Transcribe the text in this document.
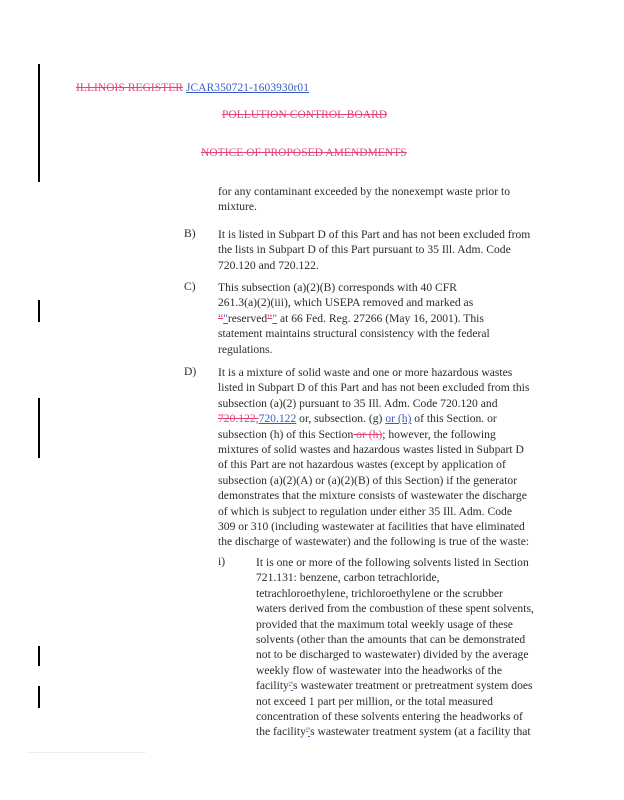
ILLINOIS REGISTER JCAR350721-1603930r01
POLLUTION CONTROL BOARD
NOTICE OF PROPOSED AMENDMENTS
for any contaminant exceeded by the nonexempt waste prior to
mixture.
B) It is listed in Subpart D of this Part and has not been excluded from
the lists in Subpart D of this Part pursuant to 35 Ill. Adm. Code
720.120 and 720.122.
C) This subsection (a)(2)(B) corresponds with 40 CFR
261.3(a)(2)(iii), which USEPA removed and marked as
“"reserved”" at 66 Fed. Reg. 27266 (May 16, 2001). This
statement maintains structural consistency with the federal
regulations.
D) It is a mixture of solid waste and one or more hazardous wastes
listed in Subpart D of this Part and has not been excluded from this
subsection (a)(2) pursuant to 35 Ill. Adm. Code 720.120 and
720.122,720.122 or, subsection. (g) or (h) of this Section. or
subsection (h) of this Section or (h); however, the following
mixtures of solid wastes and hazardous wastes listed in Subpart D
of this Part are not hazardous wastes (except by application of
subsection (a)(2)(A) or (a)(2)(B) of this Section) if the generator
demonstrates that the mixture consists of wastewater the discharge
of which is subject to regulation under either 35 Ill. Adm. Code
309 or 310 (including wastewater at facilities that have eliminated
the discharge of wastewater) and the following is true of the waste:
i)	It is one or more of the following solvents listed in Section
721.131: benzene, carbon tetrachloride,
tetrachloroethylene, trichloroethylene or the scrubber
waters derived from the combustion of these spent solvents,
provided that the maximum total weekly usage of these
solvents (other than the amounts that can be demonstrated
not to be discharged to wastewater) divided by the average
weekly flow of wastewater into the headworks of the
facility''s wastewater treatment or pretreatment system does
not exceed 1 part per million, or the total measured
concentration of these solvents entering the headworks of
the facility''s wastewater treatment system (at a facility that
